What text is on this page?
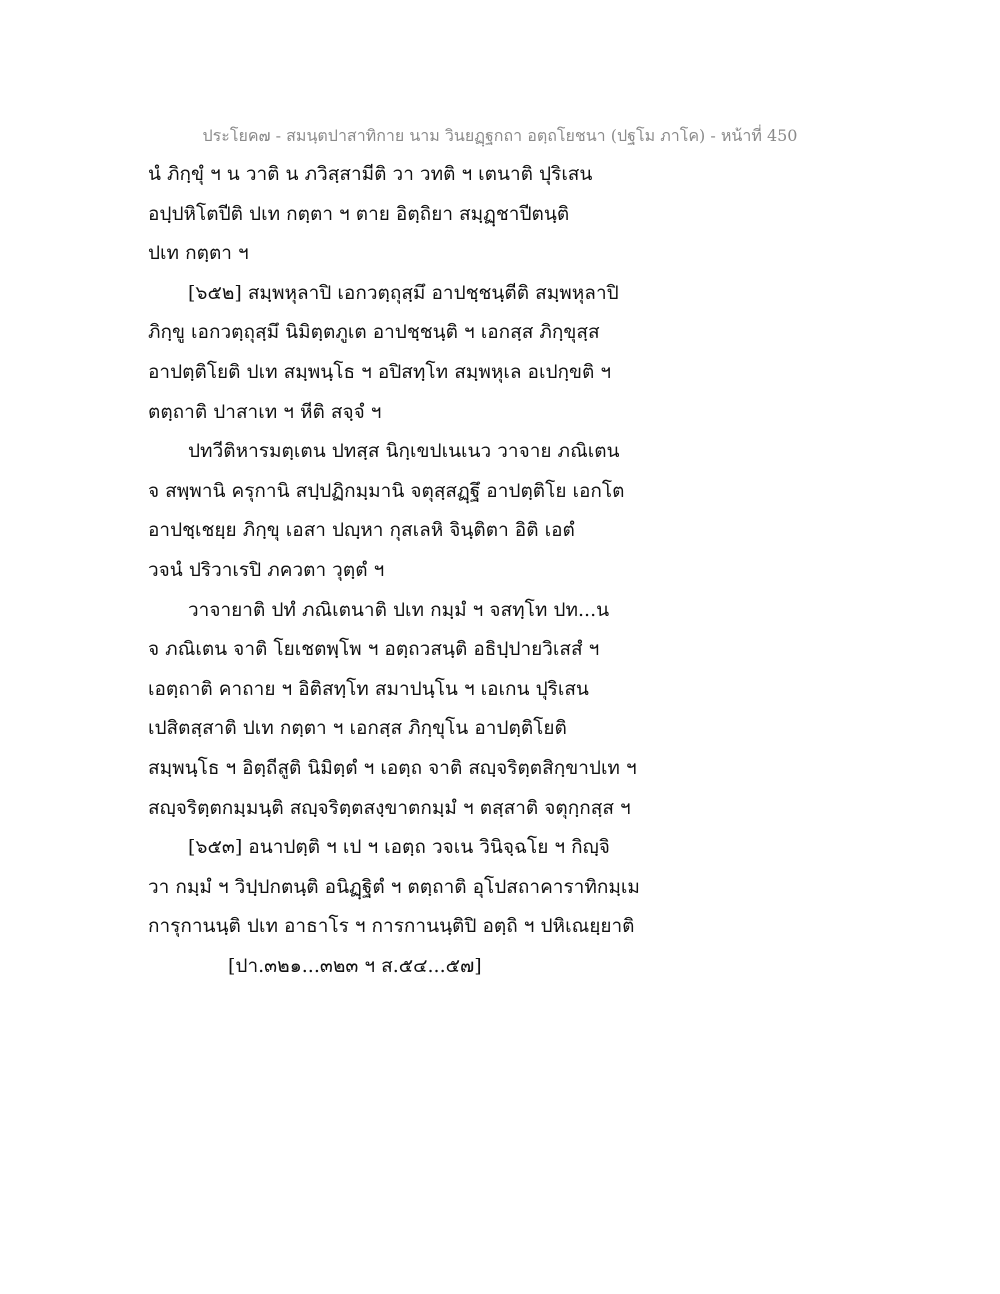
ประโยค๗ - สมนฺตปาสาทิกาย นาม วินยฏฺฐกถา อตฺถโยชนา (ปฐโม ภาโค) - หน้าที่ 450
นํ ภิกฺขุํ ฯ น วาติ น ภวิสฺสามีติ วา วทติ ฯ เตนาติ ปุริเสน
อปฺปหิโตปีติ ปเท กตฺตา ฯ ตาย อิตฺถิยา สมฺฏฺชาปีตนฺติ
ปเท กตฺตา ฯ
[๖๕๒] สมฺพหุลาปิ เอกวตฺถุสฺมึ อาปชฺชนฺตีติ สมฺพหุลาปิ
ภิกฺขู เอกวตฺถุสฺมึ นิมิตฺตภูเต อาปชฺชนฺติ ฯ เอกสฺส ภิกฺขุสฺส
อาปตฺติโยติ ปเท สมฺพนฺโธ ฯ อปิสทฺโท สมฺพหุเล อเปกฺขติ ฯ
ตตฺถาติ ปาสาเท ฯ หีติ สจฺจํ ฯ
ปทวีติหารมตฺเตน ปทสฺส นิกฺเขปเนเนว วาจาย ภณิเตน
จ สพฺพานิ ครุกานิ สปฺปฏิกมฺมานิ จตุสฺสฏฺฐึ อาปตฺติโย เอกโต
อาปชฺเชยฺย ภิกฺขุ เอสา ปญฺหา กุสเลหิ จินฺติตา อิติ เอตํ
วจนํ ปริวาเรปิ ภควตา วุตฺตํ ฯ
วาจายาติ ปทํ ภณิเตนาติ ปเท กมฺมํ ฯ จสทฺโท ปท...น
จ ภณิเตน จาติ โยเชตพฺโพ ฯ อตฺถวสนฺติ อธิปฺปายวิเสสํ ฯ
เอตฺถาติ คาถาย ฯ อิติสทฺโท สมาปนฺโน ฯ เอเกน ปุริเสน
เปสิตสฺสาติ ปเท กตฺตา ฯ เอกสฺส ภิกฺขุโน อาปตฺติโยติ
สมฺพนฺโธ ฯ อิตฺถีสูติ นิมิตฺตํ ฯ เอตฺถ จาติ สญฺจริตฺตสิกฺขาปเท ฯ
สญฺจริตฺตกมฺมนฺติ สญฺจริตฺตสงฺขาตกมฺมํ ฯ ตสฺสาติ จตุกฺกสฺส ฯ
[๖๕๓] อนาปตฺติ ฯ เป ฯ เอตฺถ วจเน วินิจฺฉโย ฯ กิญฺจิ
วา กมฺมํ ฯ วิปฺปกตนฺติ อนิฏฺฐิตํ ฯ ตตฺถาติ อุโปสถาคาราทิกมฺเม
การุกานนฺติ ปเท อาธาโร ฯ การกานนฺติปิ อตฺถิ ฯ ปหิเณยฺยาติ
[ปา.๓๒๑...๓๒๓ ฯ ส.๕๔...๕๗]
